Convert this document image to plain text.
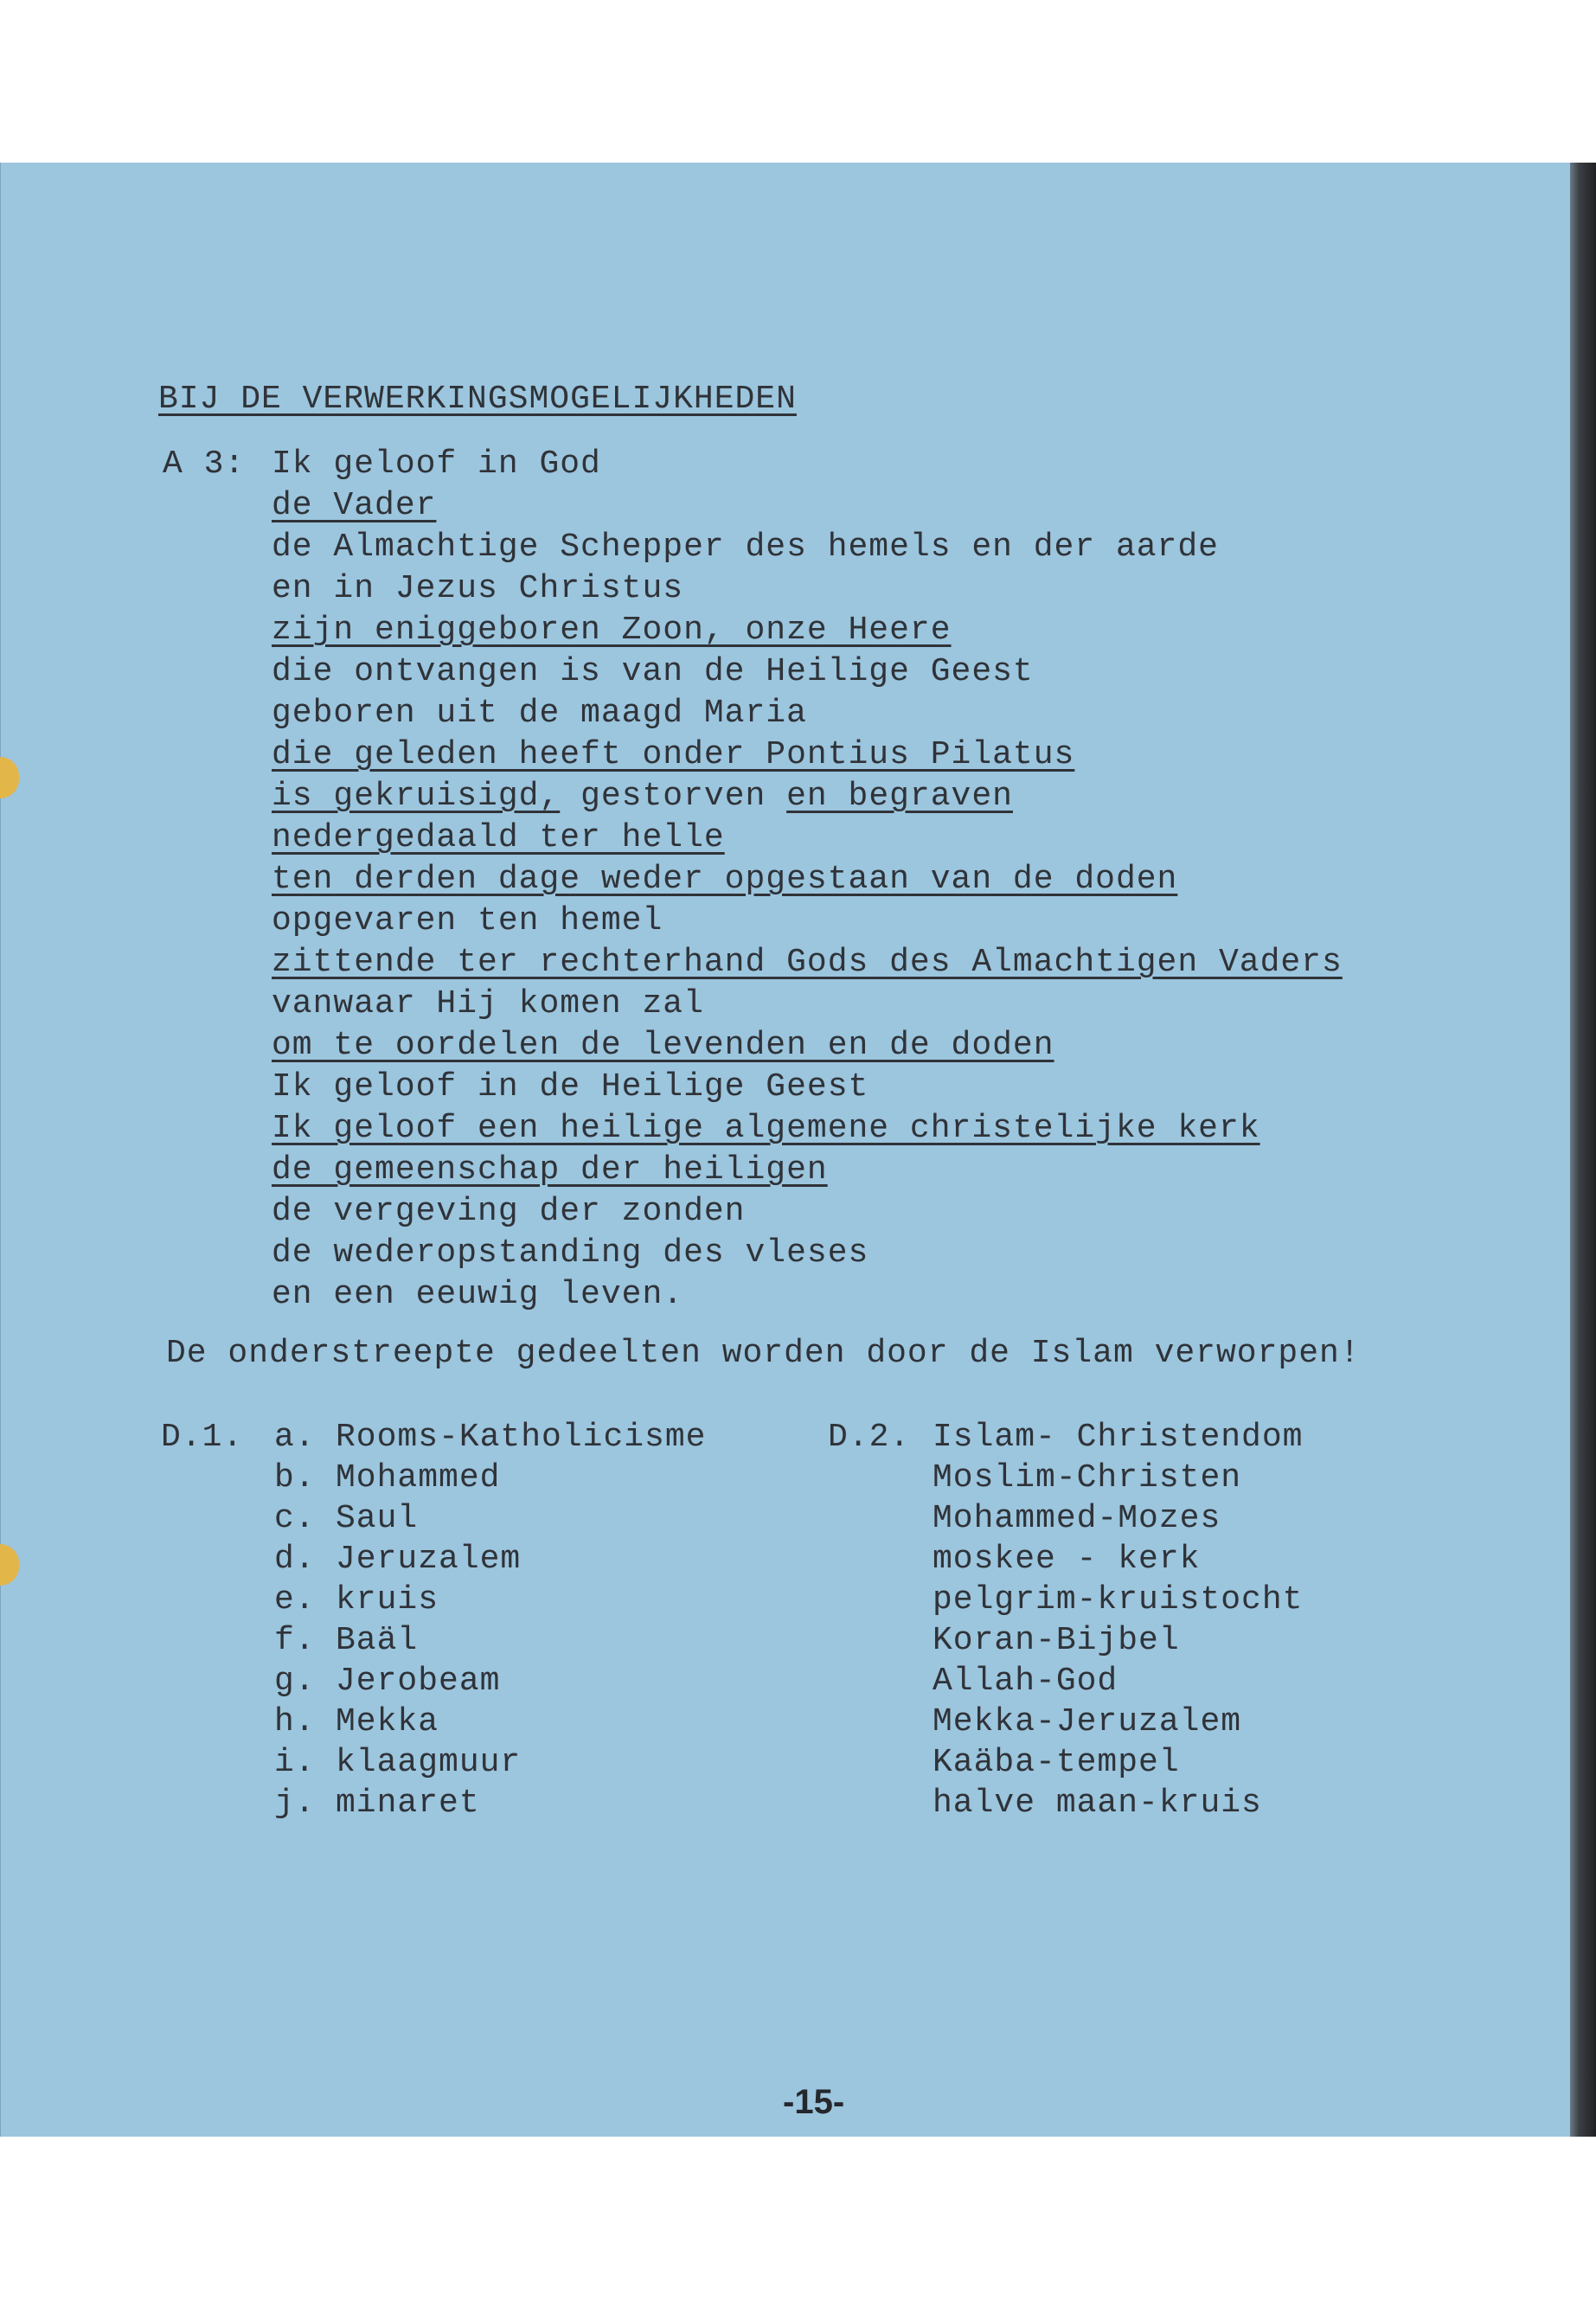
BIJ DE VERWERKINGSMOGELIJKHEDEN
A 3: Ik geloof in God
de Vader
de Almachtige Schepper des hemels en der aarde
en in Jezus Christus
zijn eniggeboren Zoon, onze Heere
die ontvangen is van de Heilige Geest
geboren uit de maagd Maria
die geleden heeft onder Pontius Pilatus
is gekruisigd, gestorven en begraven
nedergedaald ter helle
ten derden dage weder opgestaan van de doden
opgevaren ten hemel
zittende ter rechterhand Gods des Almachtigen Vaders
vanwaar Hij komen zal
om te oordelen de levenden en de doden
Ik geloof in de Heilige Geest
Ik geloof een heilige algemene christelijke kerk
de gemeenschap der heiligen
de vergeving der zonden
de wederopstanding des vleses
en een eeuwig leven.
De onderstreepte gedeelten worden door de Islam verworpen!
D.1. a. Rooms-Katholicisme
b. Mohammed
c. Saul
d. Jeruzalem
e. kruis
f. Baäl
g. Jerobeam
h. Mekka
i. klaagmuur
j. minaret
D.2. Islam- Christendom
Moslim-Christen
Mohammed-Mozes
moskee - kerk
pelgrim-kruistocht
Koran-Bijbel
Allah-God
Mekka-Jeruzalem
Kaäba-tempel
halve maan-kruis
-15-
